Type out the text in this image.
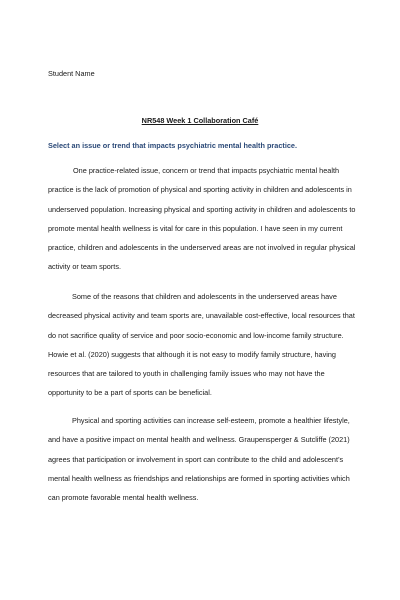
Student Name

NR548 Week 1 Collaboration Café

Select an issue or trend that impacts psychiatric mental health practice.

One practice-related issue, concern or trend that impacts psychiatric mental health
practice is the lack of promotion of physical and sporting activity in children and adolescents in
underserved population. Increasing physical and sporting activity in children and adolescents to
promote mental health wellness is vital for care in this population. I have seen in my current
practice, children and adolescents in the underserved areas are not involved in regular physical
activity or team sports.
Some of the reasons that children and adolescents in the underserved areas have
decreased physical activity and team sports are, unavailable cost-effective, local resources that
do not sacrifice quality of service and poor socio-economic and low-income family structure.
Howie et al. (2020) suggests that although it is not easy to modify family structure, having
resources that are tailored to youth in challenging family issues who may not have the
opportunity to be a part of sports can be beneficial.
Physical and sporting activities can increase self-esteem, promote a healthier lifestyle,
and have a positive impact on mental health and wellness. Graupensperger & Sutcliffe (2021)
agrees that participation or involvement in sport can contribute to the child and adolescent’s
mental health wellness as friendships and relationships are formed in sporting activities which
can promote favorable mental health wellness.
